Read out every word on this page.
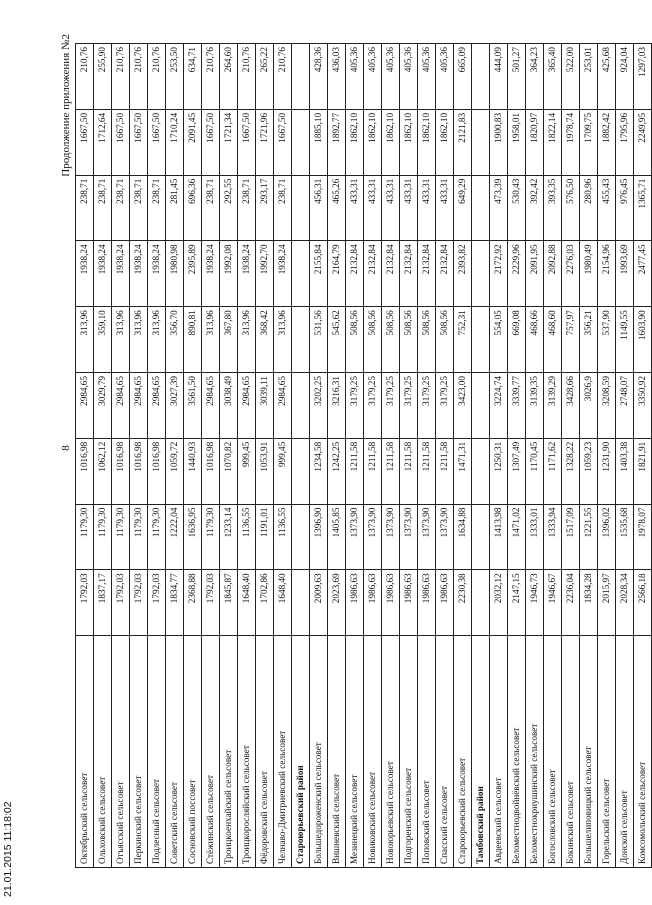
8
Продолжение приложения №2
Октябрьский сельсовет	1792,03	1179,30	1016,98	2984,65	313,96	1938,24	238,71	1667,50	210,76
Ольховский сельсовет	1837,17	1179,30	1062,12	3029,79	359,10	1938,24	238,71	1712,64	255,90
Отъясский сельсовет	1792,03	1179,30	1016,98	2984,65	313,96	1938,24	238,71	1667,50	210,76
Перкинский сельсовет	1792,03	1179,30	1016,98	2984,65	313,96	1938,24	238,71	1667,50	210,76
Подлесный сельсовет	1792,03	1179,30	1016,98	2984,65	313,96	1938,24	238,71	1667,50	210,76
Советский сельсовет	1834,77	1222,04	1059,72	3027,39	356,70	1980,98	281,45	1710,24	253,50
Сосновский поссовет	2368,88	1636,95	1440,93	3561,50	890,81	2395,89	696,36	2091,45	634,71
Стёжинский сельсовет	1792,03	1179,30	1016,98	2984,65	313,96	1938,24	238,71	1667,50	210,76
Троицкоенхайский сельсовет	1845,87	1233,14	1070,82	3038,49	367,80	1992,08	292,55	1721,34	264,60
Троицкоросляйский сельсовет	1648,40	1136,55	999,45	2984,65	313,96	1938,24	238,71	1667,50	210,76
Фёдоровский сельсовет	1702,86	1191,01	1053,91	3039,11	368,42	1992,70	293,17	1721,96	265,22
Челнаво-Дмитриевский сельсовет	1648,40	1136,55	999,45	2984,65	313,96	1938,24	238,71	1667,50	210,76
Староюрьевский район									
Большедороженский сельсовет	2009,63	1396,90	1234,58	3202,25	531,56	2155,84	456,31	1885,10	428,36
Вишневский сельсовет	2023,69	1405,85	1242,25	3216,31	545,62	2164,79	465,26	1892,77	436,03
Мезинецкий сельсовет	1986,63	1373,90	1211,58	3179,25	508,56	2132,84	433,31	1862,10	405,36
Новиковский сельсовет	1986,63	1373,90	1211,58	3179,25	508,56	2132,84	433,31	1862,10	405,36
Новоюрьевский сельсовет	1986,63	1373,90	1211,58	3179,25	508,56	2132,84	433,31	1862,10	405,36
Подгоренский сельсовет	1986,63	1373,90	1211,58	3179,25	508,56	2132,84	433,31	1862,10	405,36
Поповский сельсовет	1986,63	1373,90	1211,58	3179,25	508,56	2132,84	433,31	1862,10	405,36
Спасский сельсовет	1986,63	1373,90	1211,58	3179,25	508,56	2132,84	433,31	1862,10	405,36
Староюрьевский сельсовет	2230,38	1634,88	1471,31	3423,00	752,31	2393,82	649,29	2121,83	665,09
Тамбовский район									
Авдеевский сельсовет	2032,12	1413,98	1250,31	3224,74	554,05	2172,92	473,39	1900,83	444,09
Беломестнодвойнёвский сельсовет	2147,15	1471,02	1307,49	3339,77	669,08	2229,96	530,43	1958,01	501,27
Беломестнокриушинский сельсовет	1946,73	1333,01	1170,45	3139,35	468,66	2091,95	392,42	1820,97	364,23
Богословский сельсовет	1946,67	1333,94	1171,62	3139,29	468,60	2092,88	393,35	1822,14	365,40
Бокинский сельсовет	2236,04	1517,09	1328,22	3428,66	757,97	2276,03	576,50	1978,74	522,00
Большелиповицкий сельсовет	1834,28	1221,55	1059,23	3026,9	356,21	1980,49	280,96	1709,75	253,01
Горельский сельсовет	2015,97	1396,02	1231,90	3208,59	537,90	2154,96	455,43	1882,42	425,68
Донской сельсовет	2028,34	1535,68	1403,38	2748,07	1149,55	1993,69	976,45	1795,96	924,04
Комсомольский сельсовет	2566,18	1978,07	1821,91	3350,92	1603,90	2477,45	1365,71	2249,95	1297,03
21.01.2015 11:18:02
